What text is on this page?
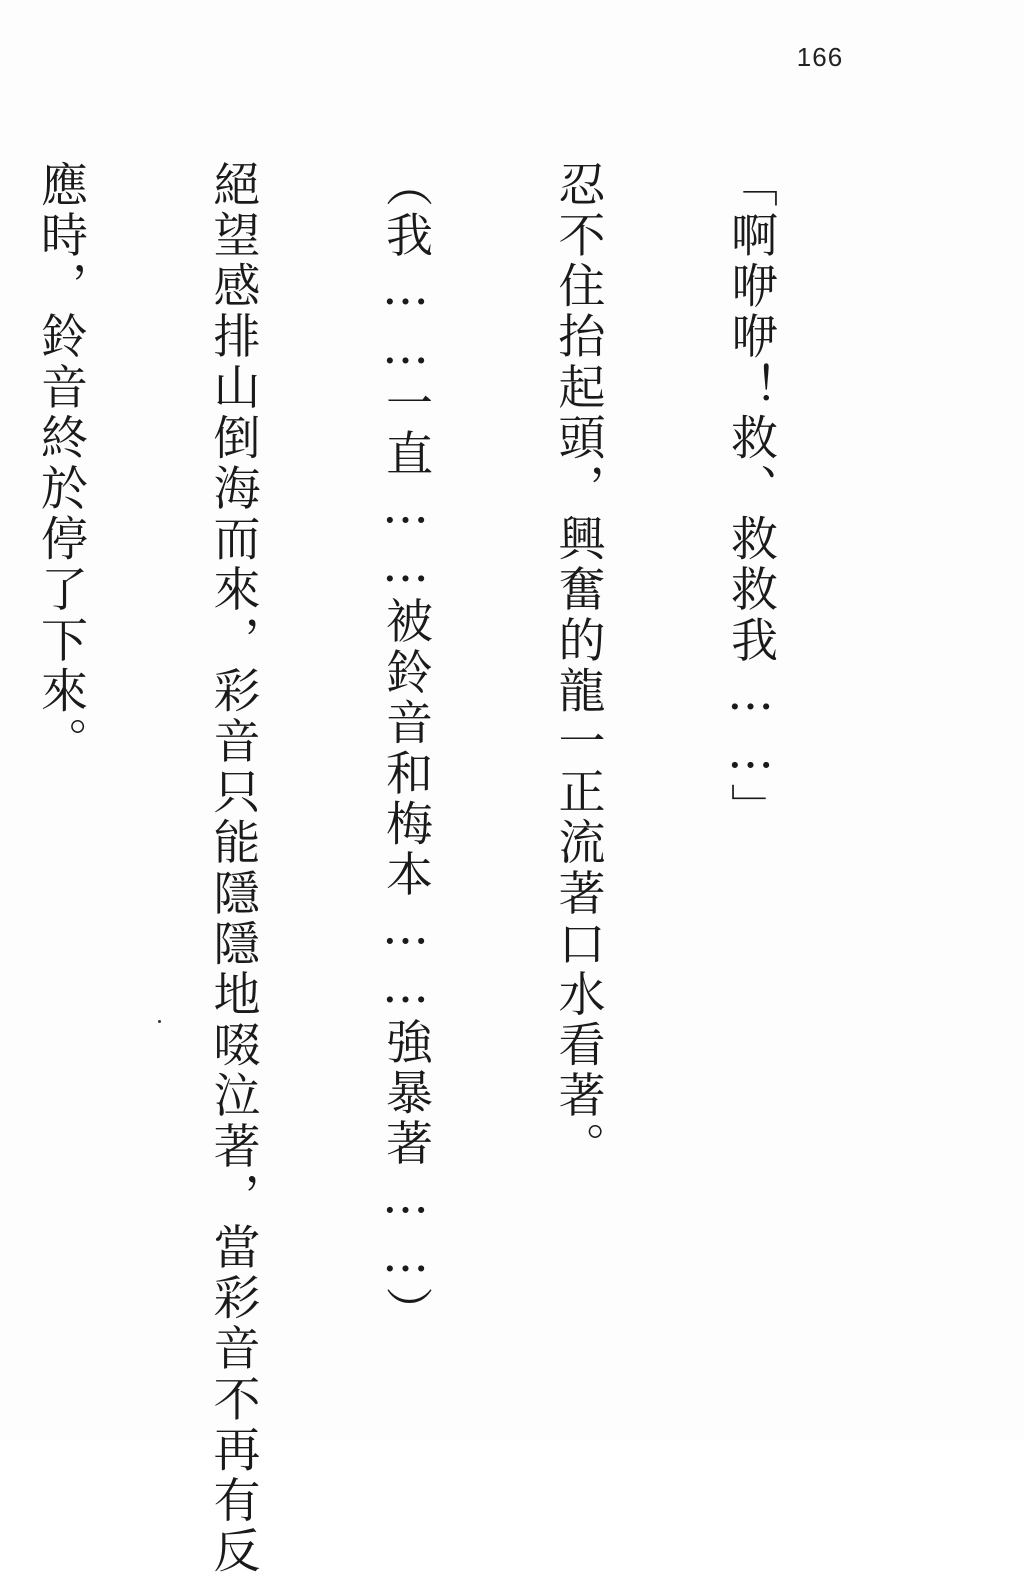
166

「啊咿咿！救、救救我……」

忍不住抬起頭，興奮的龍一正流著口水看著。

（我……一直……被鈴音和梅本……強暴著……）

絕望感排山倒海而來，彩音只能隱隱地啜泣著，當彩音不再有反

應時，鈴音終於停了下來。
